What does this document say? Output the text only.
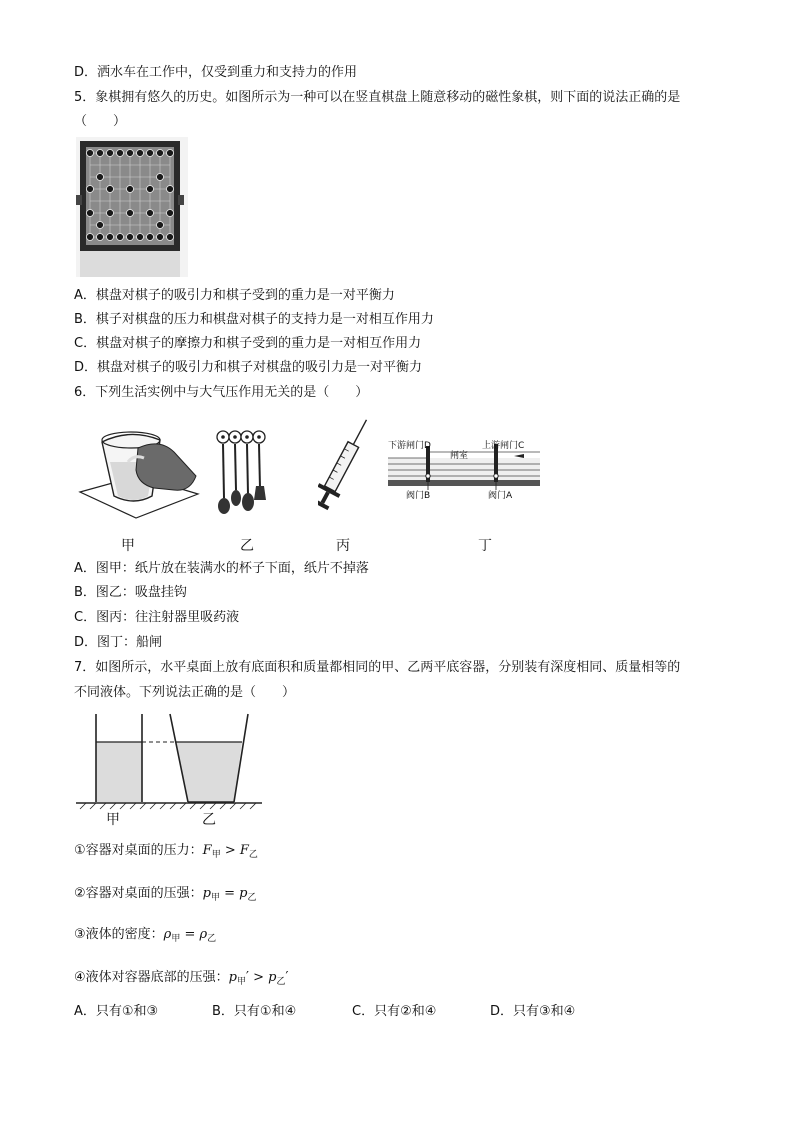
D．洒水车在工作中，仅受到重力和支持力的作用
5．象棋拥有悠久的历史。如图所示为一种可以在竖直棋盘上随意移动的磁性象棋，则下面的说法正确的是
（　　）
A．棋盘对棋子的吸引力和棋子受到的重力是一对平衡力
B．棋子对棋盘的压力和棋盘对棋子的支持力是一对相互作用力
C．棋盘对棋子的摩擦力和棋子受到的重力是一对相互作用力
D．棋盘对棋子的吸引力和棋子对棋盘的吸引力是一对平衡力
6．下列生活实例中与大气压作用无关的是（　　）
下游闸门D
闸室
上游闸门C
阀门B	阀门A
甲	乙	丙	丁
A．图甲：纸片放在装满水的杯子下面，纸片不掉落
B．图乙：吸盘挂钩
C．图丙：往注射器里吸药液
D．图丁：船闸
7．如图所示，水平桌面上放有底面积和质量都相同的甲、乙两平底容器，分别装有深度相同、质量相等的
不同液体。下列说法正确的是（　　）
甲	乙
①容器对桌面的压力：$F_甲 > F_乙$
②容器对桌面的压强：$p_甲 = p_乙$
③液体的密度：$\rho_甲 = \rho_乙$
④液体对容器底部的压强：$p_甲' > p_乙'$
A．只有①和③	B．只有①和④	C．只有②和④	D．只有③和④
